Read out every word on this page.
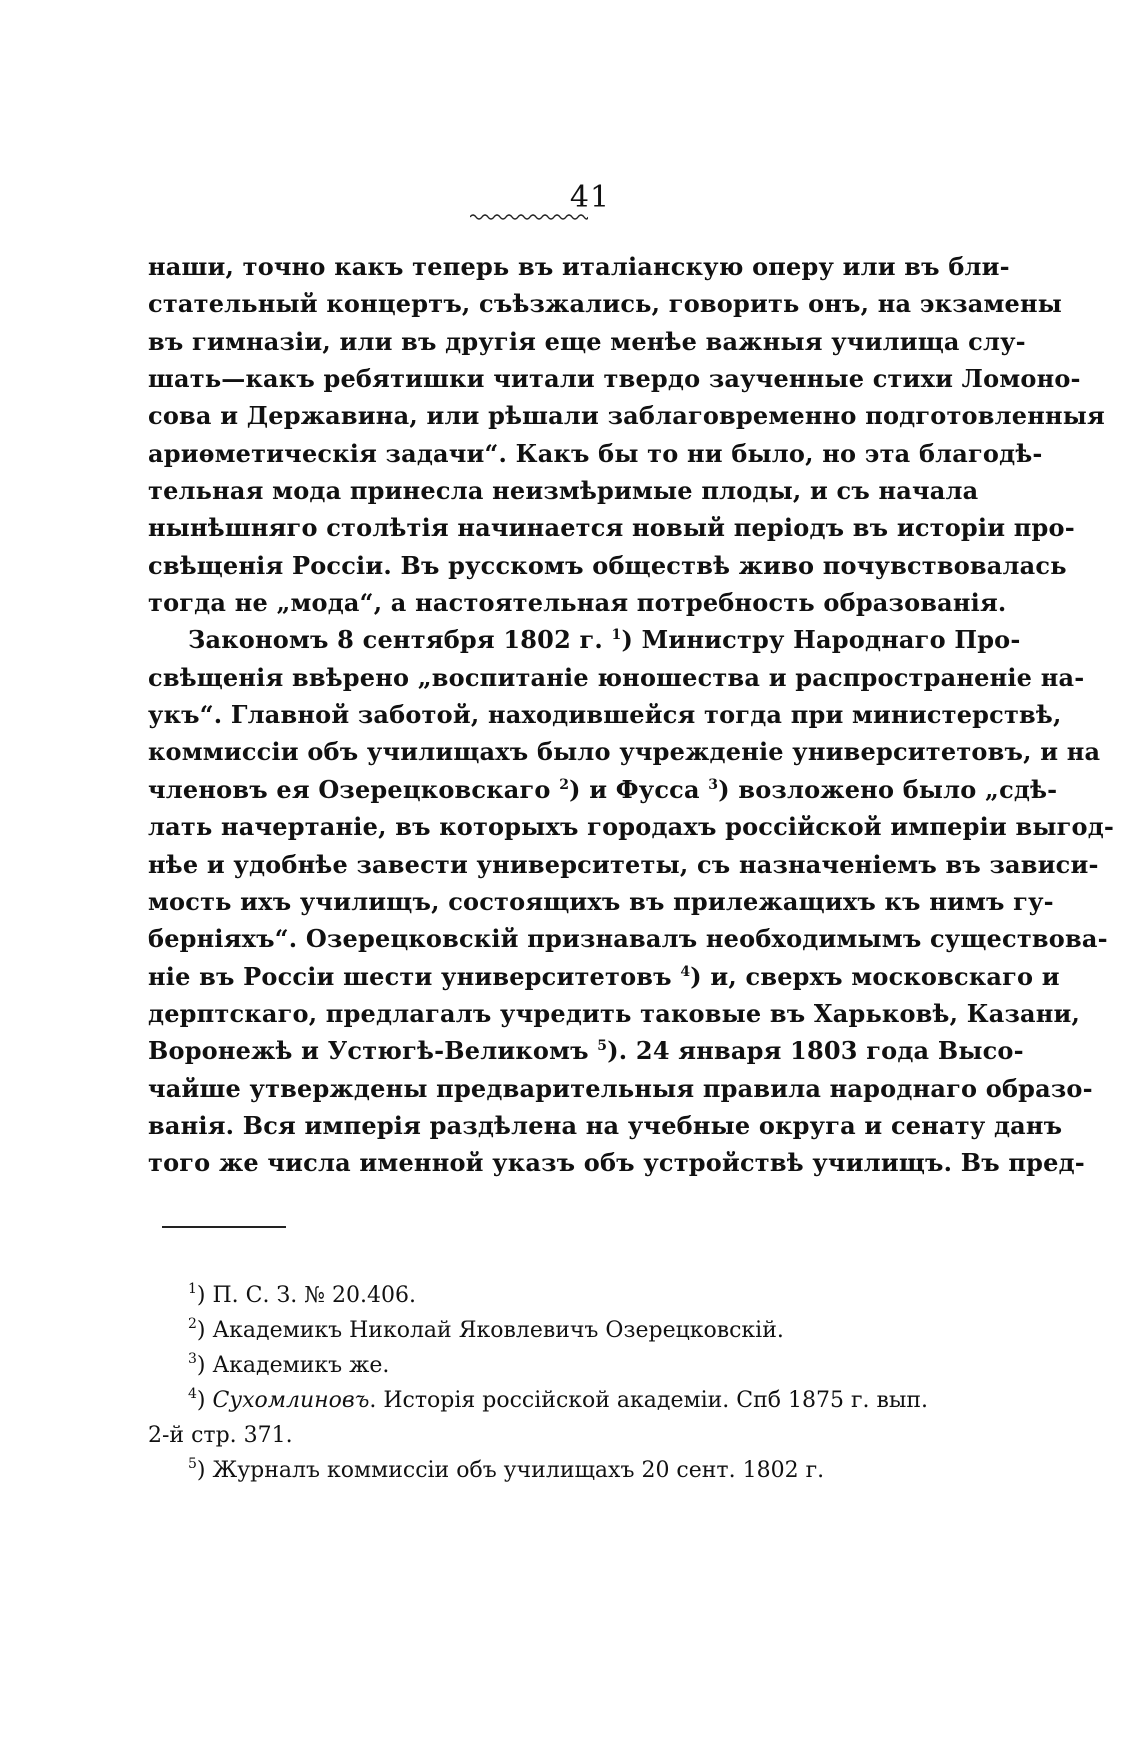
41
наши, точно какъ теперь въ италіанскую оперу или въ бли-
стательный концертъ, съѣзжались, говорить онъ, на экзамены
въ гимназіи, или въ другія еще менѣе важныя училища слу-
шать—какъ ребятишки читали твердо заученные стихи Ломоно-
сова и Державина, или рѣшали заблаговременно подготовленныя
ариѳметическія задачи“. Какъ бы то ни было, но эта благодѣ-
тельная мода принесла неизмѣримые плоды, и съ начала
нынѣшняго столѣтія начинается новый періодъ въ исторіи про-
свѣщенія Россіи. Въ русскомъ обществѣ живо почувствовалась
тогда не „мода“, а настоятельная потребность образованія.
Закономъ 8 сентября 1802 г. $^1$) Министру Народнаго Про-
свѣщенія ввѣрено „воспитаніе юношества и распространеніе на-
укъ“. Главной заботой, находившейся тогда при министерствѣ,
коммиссіи объ училищахъ было учрежденіе университетовъ, и на
членовъ ея Озерецковскаго $^2$) и Фусса $^3$) возложено было „сдѣ-
лать начертаніе, въ которыхъ городахъ россійской имперіи выгод-
нѣе и удобнѣе завести университеты, съ назначеніемъ въ зависи-
мость ихъ училищъ, состоящихъ въ прилежащихъ къ нимъ гу-
берніяхъ“. Озерецковскій признавалъ необходимымъ существова-
ніе въ Россіи шести университетовъ $^4$) и, сверхъ московскаго и
дерптскаго, предлагалъ учредить таковые въ Харьковѣ, Казани,
Воронежѣ и Устюгѣ-Великомъ $^5$). 24 января 1803 года Высо-
чайше утверждены предварительныя правила народнаго образо-
ванія. Вся имперія раздѣлена на учебные округа и сенату данъ
того же числа именной указъ объ устройствѣ училищъ. Въ пред-
$^1$) П. С. З. № 20.406.
$^2$) Академикъ Николай Яковлевичъ Озерецковскій.
$^3$) Академикъ же.
$^4$) Сухомлиновъ. Исторія россійской академіи. Спб 1875 г. вып.
2-й стр. 371.
$^5$) Журналъ коммиссіи объ училищахъ 20 сент. 1802 г.
